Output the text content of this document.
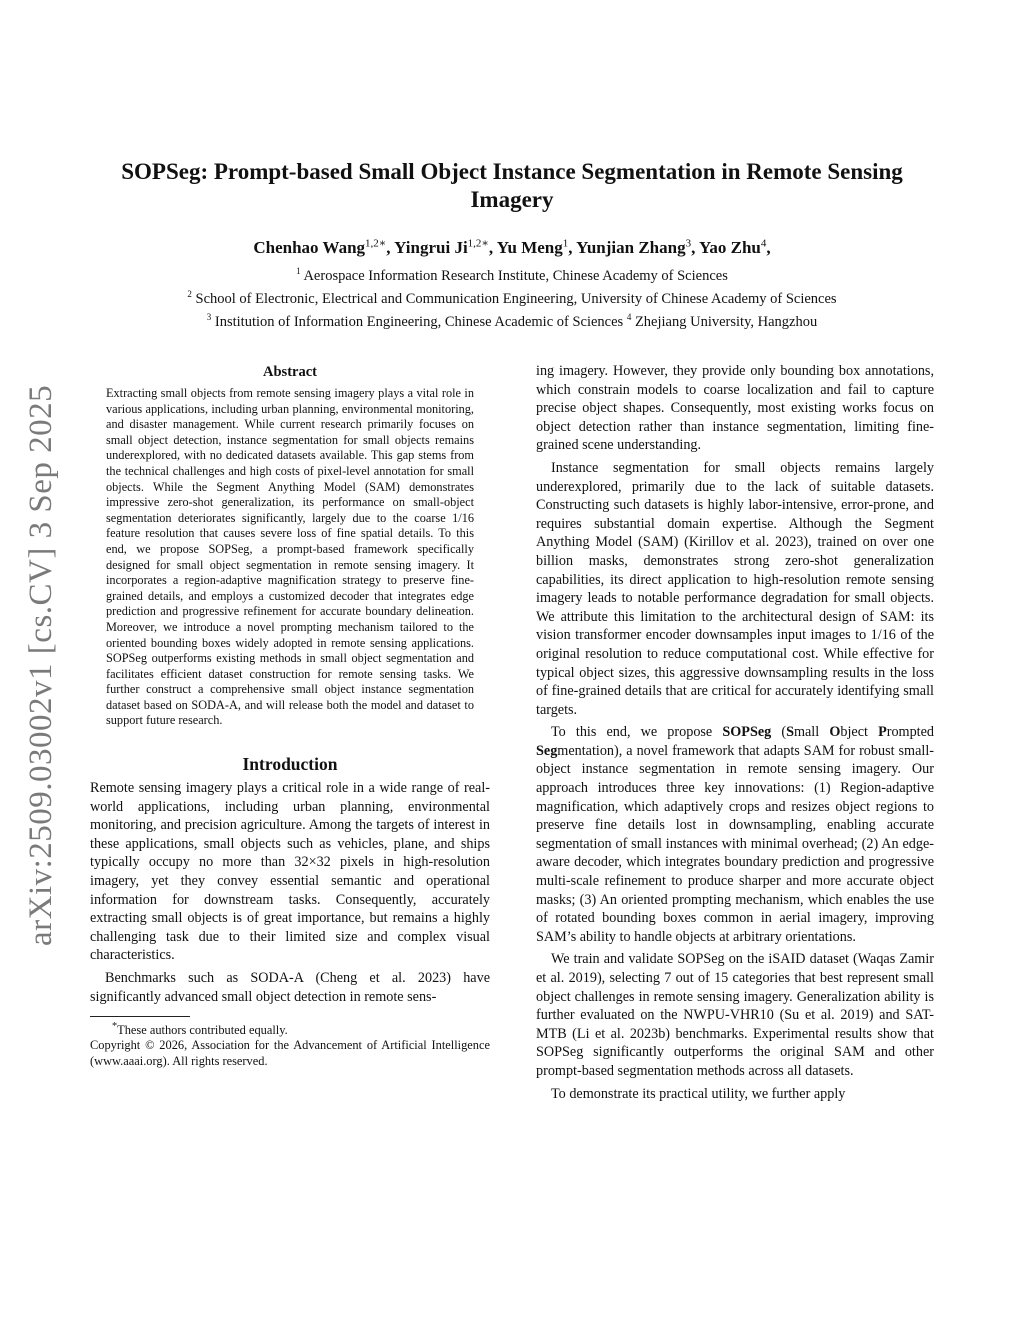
arXiv:2509.03002v1 [cs.CV] 3 Sep 2025
SOPSeg: Prompt-based Small Object Instance Segmentation in Remote Sensing Imagery
Chenhao Wang$^{1,2∗}$, Yingrui $Ji^{1,2∗}$, Yu Meng$^1$, Yunjian Zhang$^3$, Yao Zhu$^4$,
$^1$ Aerospace Information Research Institute, Chinese Academy of Sciences
$^2$ School of Electronic, Electrical and Communication Engineering, University of Chinese Academy of Sciences
$^3$ Institution of Information Engineering, Chinese Academic of Sciences $^4$ Zhejiang University, Hangzhou
Abstract

Extracting small objects from remote sensing imagery plays a vital role in various applications, including urban planning, environmental monitoring, and disaster management. While current research primarily focuses on small object detection, instance segmentation for small objects remains underexplored, with no dedicated datasets available. This gap stems from the technical challenges and high costs of pixel-level annotation for small objects. While the Segment Anything Model (SAM) demonstrates impressive zero-shot generalization, its performance on small-object segmentation deteriorates significantly, largely due to the coarse 1/16 feature resolution that causes severe loss of fine spatial details. To this end, we propose SOPSeg, a prompt-based framework specifically designed for small object segmentation in remote sensing imagery. It incorporates a region-adaptive magnification strategy to preserve fine-grained details, and employs a customized decoder that integrates edge prediction and progressive refinement for accurate boundary delineation. Moreover, we introduce a novel prompting mechanism tailored to the oriented bounding boxes widely adopted in remote sensing applications. SOPSeg outperforms existing methods in small object segmentation and facilitates efficient dataset construction for remote sensing tasks. We further construct a comprehensive small object instance segmentation dataset based on SODA-A, and will release both the model and dataset to support future research.

Introduction

Remote sensing imagery plays a critical role in a wide range of real-world applications, including urban planning, environmental monitoring, and precision agriculture. Among the targets of interest in these applications, small objects such as vehicles, plane, and ships typically occupy no more than 32×32 pixels in high-resolution imagery, yet they convey essential semantic and operational information for downstream tasks. Consequently, accurately extracting small objects is of great importance, but remains a highly challenging task due to their limited size and complex visual characteristics.

Benchmarks such as SODA-A (Cheng et al. 2023) have significantly advanced small object detection in remote sens-

*These authors contributed equally.

Copyright © 2026, Association for the Advancement of Artificial Intelligence (www.aaai.org). All rights reserved.

ing imagery. However, they provide only bounding box annotations, which constrain models to coarse localization and fail to capture precise object shapes. Consequently, most existing works focus on object detection rather than instance segmentation, limiting fine-grained scene understanding.

Instance segmentation for small objects remains largely underexplored, primarily due to the lack of suitable datasets. Constructing such datasets is highly labor-intensive, error-prone, and requires substantial domain expertise. Although the Segment Anything Model (SAM) (Kirillov et al. 2023), trained on over one billion masks, demonstrates strong zero-shot generalization capabilities, its direct application to high-resolution remote sensing imagery leads to notable performance degradation for small objects. We attribute this limitation to the architectural design of SAM: its vision transformer encoder downsamples input images to 1/16 of the original resolution to reduce computational cost. While effective for typical object sizes, this aggressive downsampling results in the loss of fine-grained details that are critical for accurately identifying small targets.

To this end, we propose SOPSeg (Small Object Prompted Segmentation), a novel framework that adapts SAM for robust small-object instance segmentation in remote sensing imagery. Our approach introduces three key innovations: (1) Region-adaptive magnification, which adaptively crops and resizes object regions to preserve fine details lost in downsampling, enabling accurate segmentation of small instances with minimal overhead; (2) An edge-aware decoder, which integrates boundary prediction and progressive multi-scale refinement to produce sharper and more accurate object masks; (3) An oriented prompting mechanism, which enables the use of rotated bounding boxes common in aerial imagery, improving SAM’s ability to handle objects at arbitrary orientations.

We train and validate SOPSeg on the iSAID dataset (Waqas Zamir et al. 2019), selecting 7 out of 15 categories that best represent small object challenges in remote sensing imagery. Generalization ability is further evaluated on the NWPU-VHR10 (Su et al. 2019) and SAT-MTB (Li et al. 2023b) benchmarks. Experimental results show that SOPSeg significantly outperforms the original SAM and other prompt-based segmentation methods across all datasets.

To demonstrate its practical utility, we further apply
